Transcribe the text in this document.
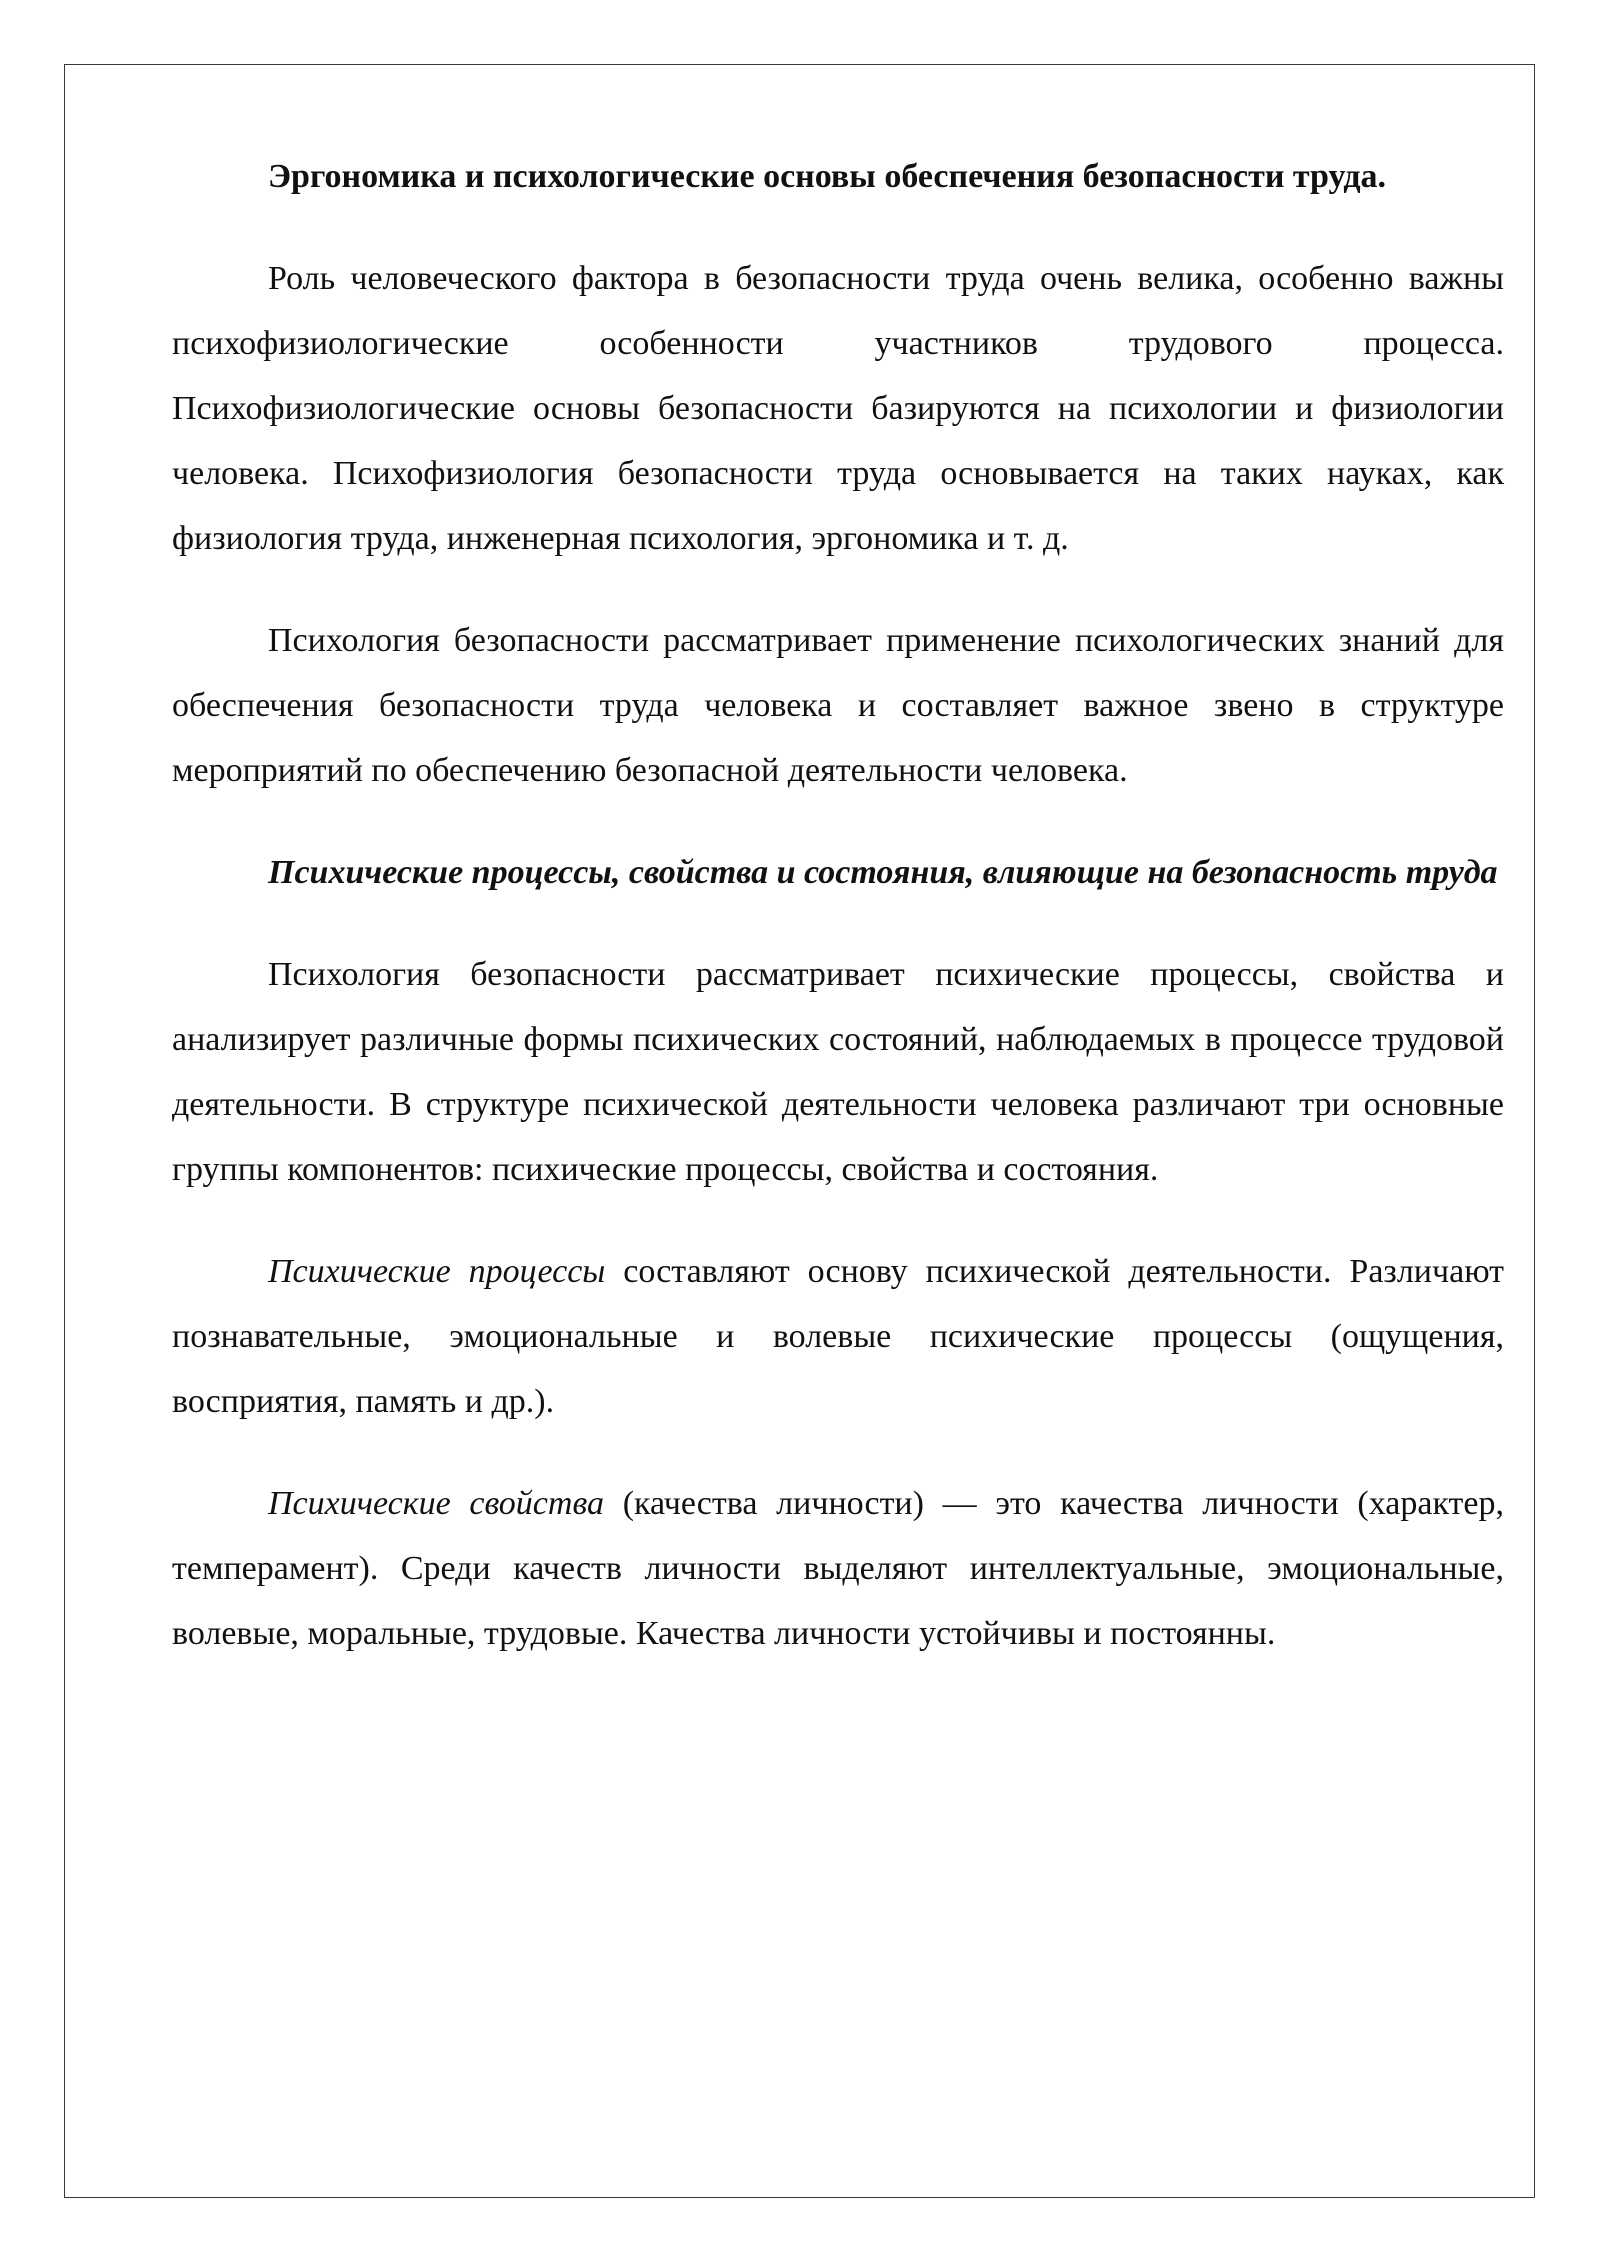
Эргономика и психологические основы обеспечения безопасности труда.

Роль человеческого фактора в безопасности труда очень велика, особенно важны психофизиологические особенности участников трудового процесса. Психофизиологические основы безопасности базируются на психологии и физиологии человека. Психофизиология безопасности труда основывается на таких науках, как физиология труда, инженерная психология, эргономика и т. д.

Психология безопасности рассматривает применение психологических знаний для обеспечения безопасности труда человека и составляет важное звено в структуре мероприятий по обеспечению безопасной деятельности человека.

Психические процессы, свойства и состояния, влияющие на безопасность труда

Психология безопасности рассматривает психические процессы, свойства и анализирует различные формы психических состояний, наблюдаемых в процессе трудовой деятельности. В структуре психической деятельности человека различают три основные группы компонентов: психические процессы, свойства и состояния.

Психические процессы составляют основу психической деятельности. Различают познавательные, эмоциональные и волевые психические процессы (ощущения, восприятия, память и др.).

Психические свойства (качества личности) — это качества личности (характер, темперамент). Среди качеств личности выделяют интеллектуальные, эмоциональные, волевые, моральные, трудовые. Качества личности устойчивы и постоянны.
